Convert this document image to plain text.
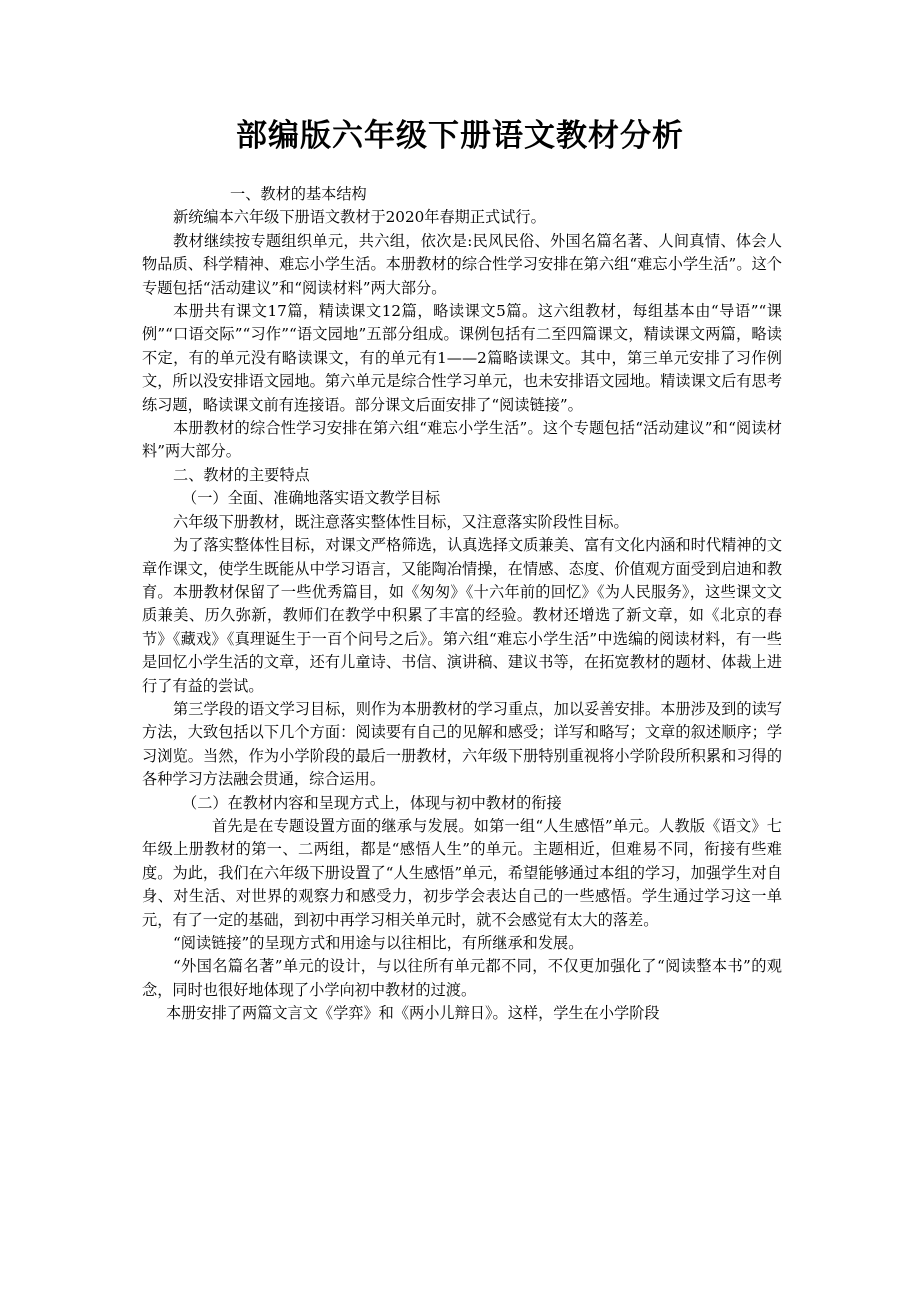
部编版六年级下册语文教材分析

一、教材的基本结构

新统编本六年级下册语文教材于2020年春期正式试行。

教材继续按专题组织单元，共六组，依次是:民风民俗、外国名篇名著、人间真情、体会人物品质、科学精神、难忘小学生活。本册教材的综合性学习安排在第六组“难忘小学生活”。这个专题包括“活动建议”和“阅读材料”两大部分。

本册共有课文17篇，精读课文12篇，略读课文5篇。这六组教材，每组基本由“导语”“课例”“口语交际”“习作”“语文园地”五部分组成。课例包括有二至四篇课文，精读课文两篇，略读不定，有的单元没有略读课文，有的单元有1——2篇略读课文。其中，第三单元安排了习作例文，所以没安排语文园地。第六单元是综合性学习单元，也未安排语文园地。精读课文后有思考练习题，略读课文前有连接语。部分课文后面安排了“阅读链接”。

本册教材的综合性学习安排在第六组“难忘小学生活”。这个专题包括“活动建议”和“阅读材料”两大部分。

二、教材的主要特点

（一）全面、准确地落实语文教学目标

六年级下册教材，既注意落实整体性目标，又注意落实阶段性目标。

为了落实整体性目标，对课文严格筛选，认真选择文质兼美、富有文化内涵和时代精神的文章作课文，使学生既能从中学习语言，又能陶冶情操，在情感、态度、价值观方面受到启迪和教育。本册教材保留了一些优秀篇目，如《匆匆》《十六年前的回忆》《为人民服务》，这些课文文质兼美、历久弥新，教师们在教学中积累了丰富的经验。教材还增选了新文章，如《北京的春节》《藏戏》《真理诞生于一百个问号之后》。第六组“难忘小学生活”中选编的阅读材料，有一些是回忆小学生活的文章，还有儿童诗、书信、演讲稿、建议书等，在拓宽教材的题材、体裁上进行了有益的尝试。

第三学段的语文学习目标，则作为本册教材的学习重点，加以妥善安排。本册涉及到的读写方法，大致包括以下几个方面：阅读要有自己的见解和感受；详写和略写；文章的叙述顺序；学习浏览。当然，作为小学阶段的最后一册教材，六年级下册特别重视将小学阶段所积累和习得的各种学习方法融会贯通，综合运用。

（二）在教材内容和呈现方式上，体现与初中教材的衔接

首先是在专题设置方面的继承与发展。如第一组“人生感悟”单元。人教版《语文》七年级上册教材的第一、二两组，都是“感悟人生”的单元。主题相近，但难易不同，衔接有些难度。为此，我们在六年级下册设置了“人生感悟”单元，希望能够通过本组的学习，加强学生对自身、对生活、对世界的观察力和感受力，初步学会表达自己的一些感悟。学生通过学习这一单元，有了一定的基础，到初中再学习相关单元时，就不会感觉有太大的落差。

“阅读链接”的呈现方式和用途与以往相比，有所继承和发展。

“外国名篇名著”单元的设计，与以往所有单元都不同，不仅更加强化了“阅读整本书”的观念，同时也很好地体现了小学向初中教材的过渡。

本册安排了两篇文言文《学弈》和《两小儿辩日》。这样，学生在小学阶段
